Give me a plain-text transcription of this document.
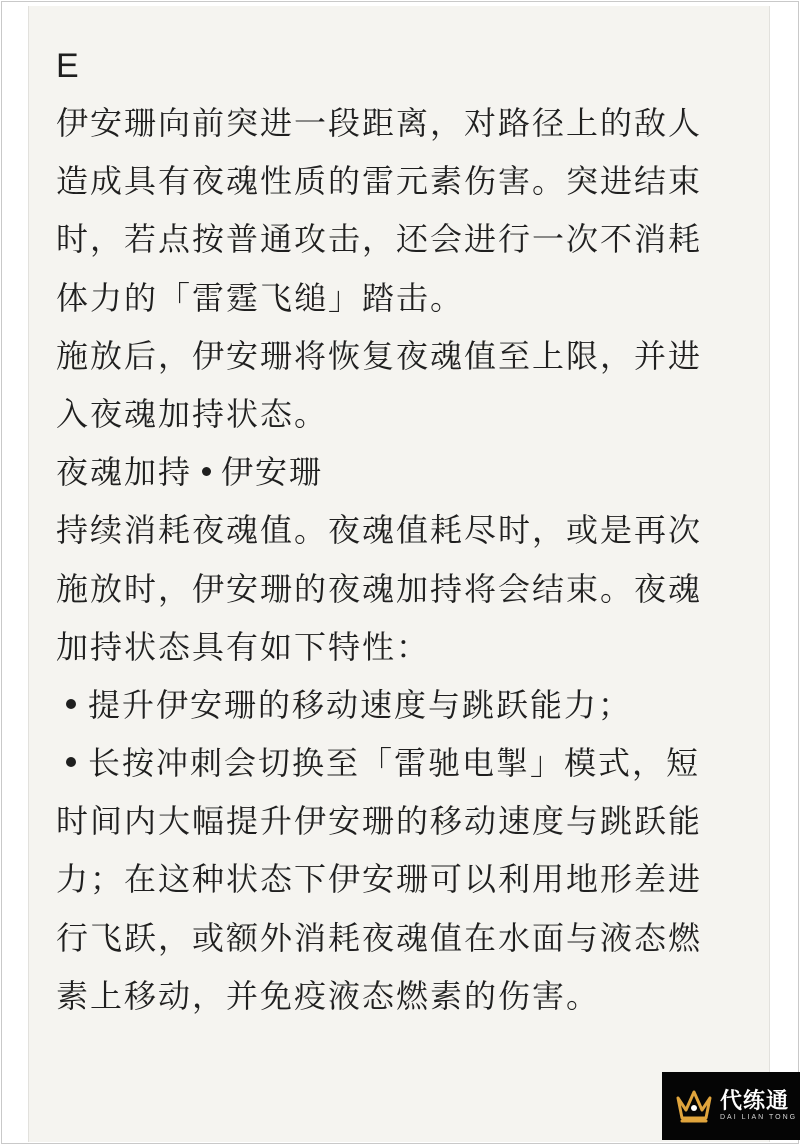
E
伊安珊向前突进一段距离，对路径上的敌人
造成具有夜魂性质的雷元素伤害。突进结束
时，若点按普通攻击，还会进行一次不消耗
体力的「雷霆飞缒」踏击。
施放后，伊安珊将恢复夜魂值至上限，并进
入夜魂加持状态。
夜魂加持 伊安珊
持续消耗夜魂值。夜魂值耗尽时，或是再次
施放时，伊安珊的夜魂加持将会结束。夜魂
加持状态具有如下特性：
提升伊安珊的移动速度与跳跃能力；
长按冲刺会切换至「雷驰电掣」模式，短
时间内大幅提升伊安珊的移动速度与跳跃能
力；在这种状态下伊安珊可以利用地形差进
行飞跃，或额外消耗夜魂值在水面与液态燃
素上移动，并免疫液态燃素的伤害。
代练通
DAI LIAN TONG
